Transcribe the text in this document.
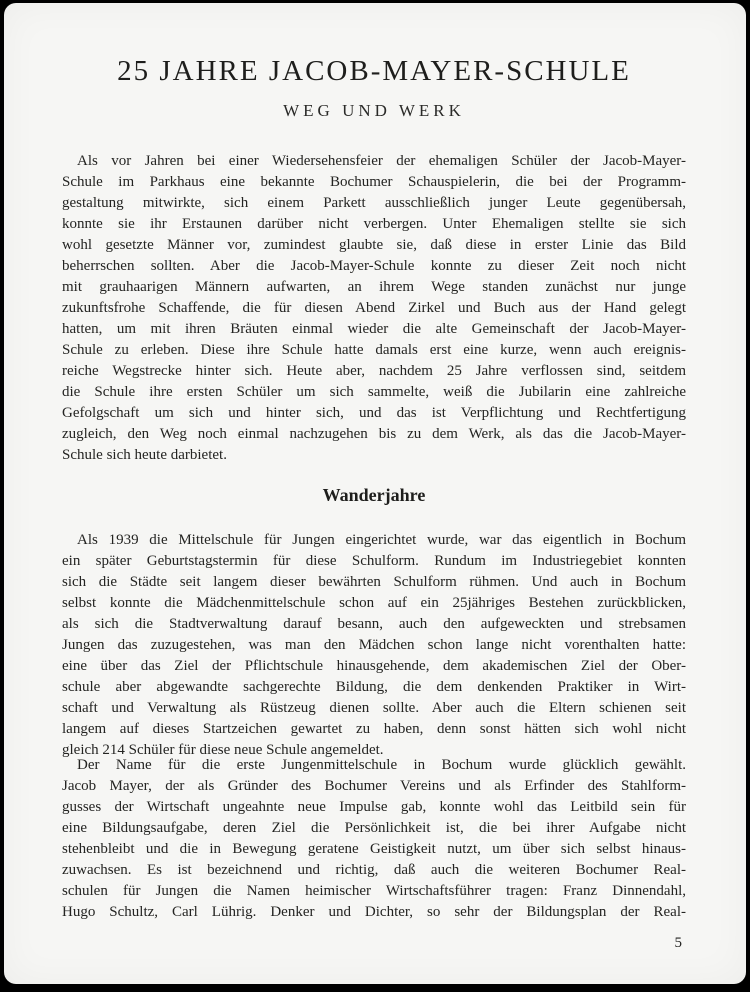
25 JAHRE JACOB-MAYER-SCHULE
WEG UND WERK
Als vor Jahren bei einer Wiedersehensfeier der ehemaligen Schüler der Jacob-Mayer-
Schule im Parkhaus eine bekannte Bochumer Schauspielerin, die bei der Programm-
gestaltung mitwirkte, sich einem Parkett ausschließlich junger Leute gegenübersah,
konnte sie ihr Erstaunen darüber nicht verbergen. Unter Ehemaligen stellte sie sich
wohl gesetzte Männer vor, zumindest glaubte sie, daß diese in erster Linie das Bild
beherrschen sollten. Aber die Jacob-Mayer-Schule konnte zu dieser Zeit noch nicht
mit grauhaarigen Männern aufwarten, an ihrem Wege standen zunächst nur junge
zukunftsfrohe Schaffende, die für diesen Abend Zirkel und Buch aus der Hand gelegt
hatten, um mit ihren Bräuten einmal wieder die alte Gemeinschaft der Jacob-Mayer-
Schule zu erleben. Diese ihre Schule hatte damals erst eine kurze, wenn auch ereignis-
reiche Wegstrecke hinter sich. Heute aber, nachdem 25 Jahre verflossen sind, seitdem
die Schule ihre ersten Schüler um sich sammelte, weiß die Jubilarin eine zahlreiche
Gefolgschaft um sich und hinter sich, und das ist Verpflichtung und Rechtfertigung
zugleich, den Weg noch einmal nachzugehen bis zu dem Werk, als das die Jacob-Mayer-
Schule sich heute darbietet.
Wanderjahre
Als 1939 die Mittelschule für Jungen eingerichtet wurde, war das eigentlich in Bochum
ein später Geburtstagstermin für diese Schulform. Rundum im Industriegebiet konnten
sich die Städte seit langem dieser bewährten Schulform rühmen. Und auch in Bochum
selbst konnte die Mädchenmittelschule schon auf ein 25jähriges Bestehen zurückblicken,
als sich die Stadtverwaltung darauf besann, auch den aufgeweckten und strebsamen
Jungen das zuzugestehen, was man den Mädchen schon lange nicht vorenthalten hatte:
eine über das Ziel der Pflichtschule hinausgehende, dem akademischen Ziel der Ober-
schule aber abgewandte sachgerechte Bildung, die dem denkenden Praktiker in Wirt-
schaft und Verwaltung als Rüstzeug dienen sollte. Aber auch die Eltern schienen seit
langem auf dieses Startzeichen gewartet zu haben, denn sonst hätten sich wohl nicht
gleich 214 Schüler für diese neue Schule angemeldet.
Der Name für die erste Jungenmittelschule in Bochum wurde glücklich gewählt.
Jacob Mayer, der als Gründer des Bochumer Vereins und als Erfinder des Stahlform-
gusses der Wirtschaft ungeahnte neue Impulse gab, konnte wohl das Leitbild sein für
eine Bildungsaufgabe, deren Ziel die Persönlichkeit ist, die bei ihrer Aufgabe nicht
stehenbleibt und die in Bewegung geratene Geistigkeit nutzt, um über sich selbst hinaus-
zuwachsen. Es ist bezeichnend und richtig, daß auch die weiteren Bochumer Real-
schulen für Jungen die Namen heimischer Wirtschaftsführer tragen: Franz Dinnendahl,
Hugo Schultz, Carl Lührig. Denker und Dichter, so sehr der Bildungsplan der Real-
5
